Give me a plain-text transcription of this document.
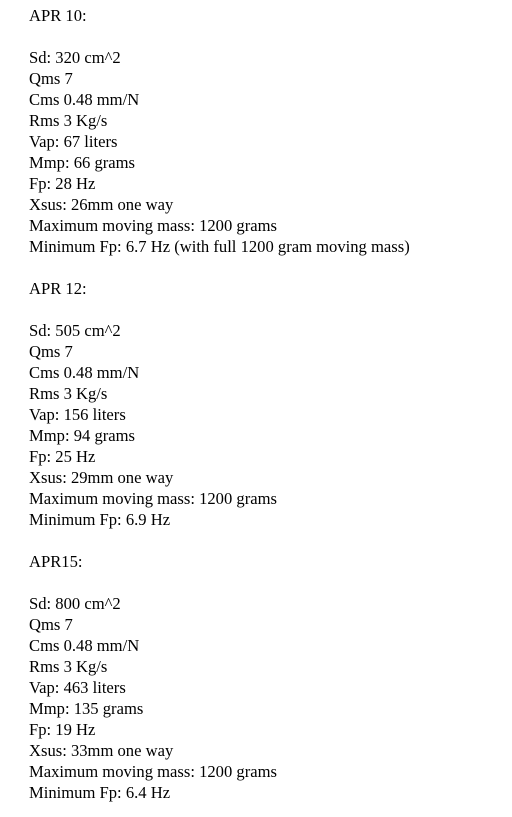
APR 10:
Sd: 320 cm^2
Qms 7
Cms 0.48 mm/N
Rms 3 Kg/s
Vap: 67 liters
Mmp: 66 grams
Fp: 28 Hz
Xsus: 26mm one way
Maximum moving mass: 1200 grams
Minimum Fp: 6.7 Hz (with full 1200 gram moving mass)
APR 12:
Sd: 505 cm^2
Qms 7
Cms 0.48 mm/N
Rms 3 Kg/s
Vap: 156 liters
Mmp: 94 grams
Fp: 25 Hz
Xsus: 29mm one way
Maximum moving mass: 1200 grams
Minimum Fp: 6.9 Hz
APR15:
Sd: 800 cm^2
Qms 7
Cms 0.48 mm/N
Rms 3 Kg/s
Vap: 463 liters
Mmp: 135 grams
Fp: 19 Hz
Xsus: 33mm one way
Maximum moving mass: 1200 grams
Minimum Fp: 6.4 Hz
